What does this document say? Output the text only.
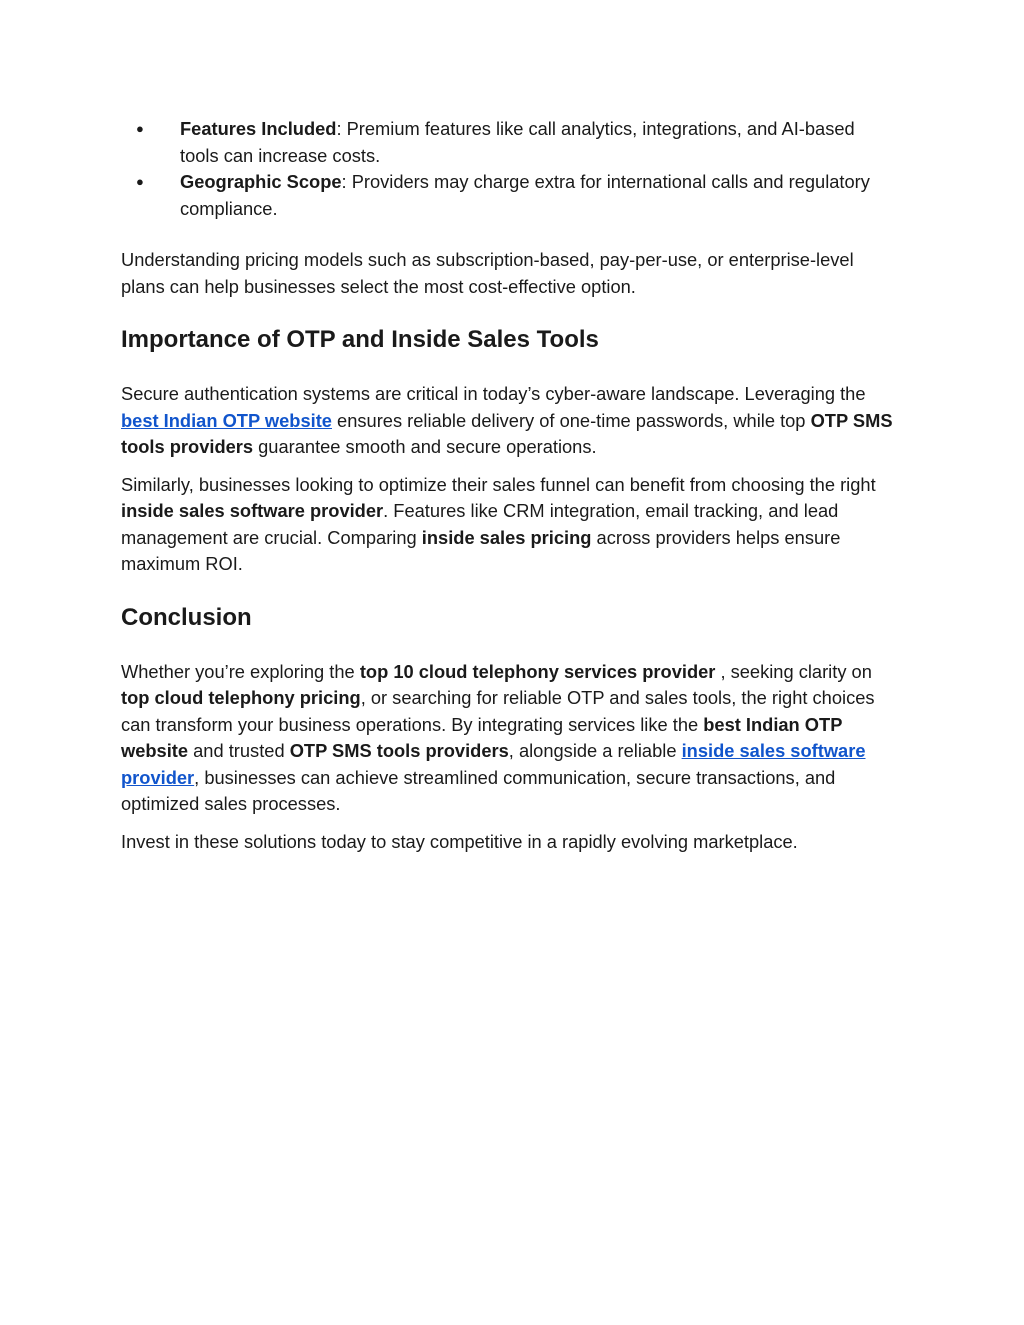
● Features Included: Premium features like call analytics, integrations, and AI-based tools can increase costs.
● Geographic Scope: Providers may charge extra for international calls and regulatory compliance.

Understanding pricing models such as subscription-based, pay-per-use, or enterprise-level plans can help businesses select the most cost-effective option.

Importance of OTP and Inside Sales Tools

Secure authentication systems are critical in today’s cyber-aware landscape. Leveraging the best Indian OTP website ensures reliable delivery of one-time passwords, while top OTP SMS tools providers guarantee smooth and secure operations.

Similarly, businesses looking to optimize their sales funnel can benefit from choosing the right inside sales software provider. Features like CRM integration, email tracking, and lead management are crucial. Comparing inside sales pricing across providers helps ensure maximum ROI.

Conclusion

Whether you’re exploring the top 10 cloud telephony services provider , seeking clarity on top cloud telephony pricing, or searching for reliable OTP and sales tools, the right choices can transform your business operations. By integrating services like the best Indian OTP website and trusted OTP SMS tools providers, alongside a reliable inside sales software provider, businesses can achieve streamlined communication, secure transactions, and optimized sales processes.

Invest in these solutions today to stay competitive in a rapidly evolving marketplace.
